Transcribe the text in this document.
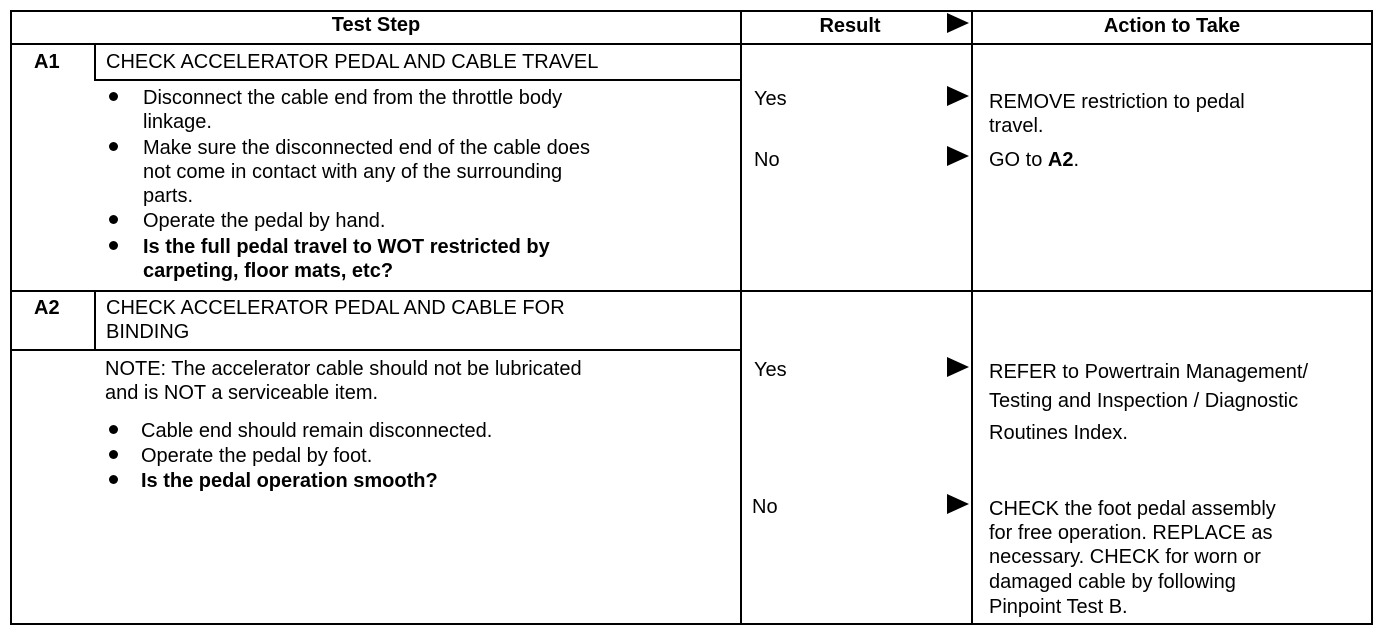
Test Step	Result	Action to Take
A1 CHECK ACCELERATOR PEDAL AND CABLE TRAVEL
Disconnect the cable end from the throttle body
linkage.
Make sure the disconnected end of the cable does
not come in contact with any of the surrounding
parts.
Operate the pedal by hand.
Is the full pedal travel to WOT restricted by
carpeting, floor mats, etc?
Yes	REMOVE restriction to pedal
travel.
No	GO to A2.
A2 CHECK ACCELERATOR PEDAL AND CABLE FOR
BINDING
NOTE: The accelerator cable should not be lubricated
and is NOT a serviceable item.
Cable end should remain disconnected.
Operate the pedal by foot.
Is the pedal operation smooth?
Yes	REFER to Powertrain Management/
Testing and Inspection / Diagnostic
Routines Index.
No	CHECK the foot pedal assembly
for free operation. REPLACE as
necessary. CHECK for worn or
damaged cable by following
Pinpoint Test B.
